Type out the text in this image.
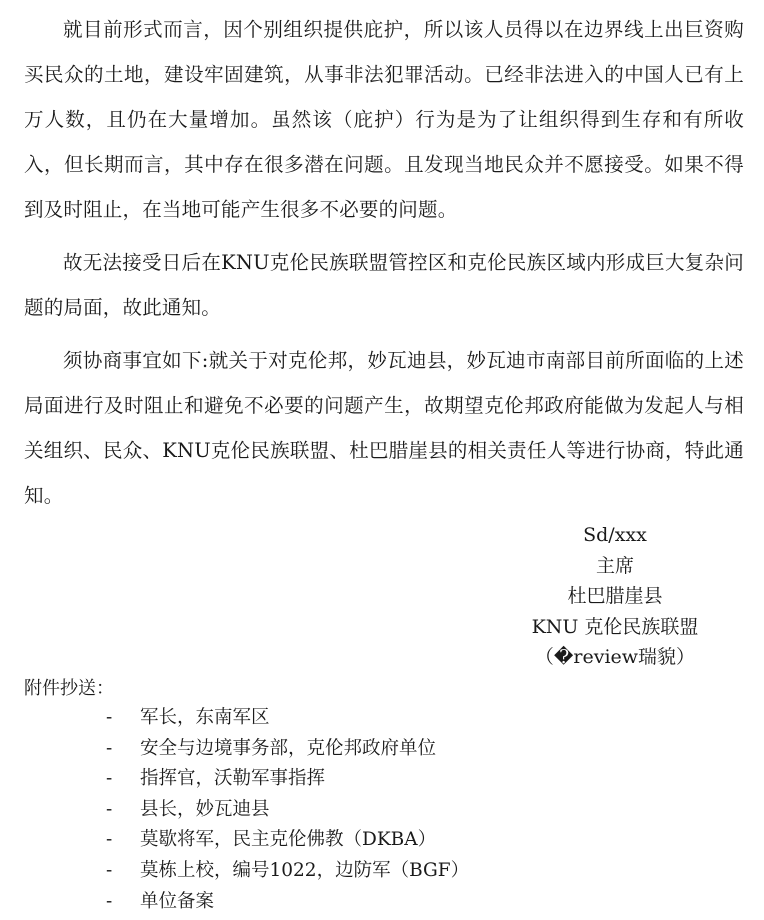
就目前形式而言，因个别组织提供庇护，所以该人员得以在边界线上出巨资购买民众的土地，建设牢固建筑，从事非法犯罪活动。已经非法进入的中国人已有上万人数，且仍在大量增加。虽然该（庇护）行为是为了让组织得到生存和有所收入，但长期而言，其中存在很多潜在问题。且发现当地民众并不愿接受。如果不得到及时阻止，在当地可能产生很多不必要的问题。

故无法接受日后在KNU克伦民族联盟管控区和克伦民族区域内形成巨大复杂问题的局面，故此通知。

须协商事宜如下:就关于对克伦邦，妙瓦迪县，妙瓦迪市南部目前所面临的上述局面进行及时阻止和避免不必要的问题产生，故期望克伦邦政府能做为发起人与相关组织、民众、KNU克伦民族联盟、杜巴腊崖县的相关责任人等进行协商，特此通知。

Sd/xxx
主席
杜巴腊崖县
KNU 克伦民族联盟
（�review瑞貌）
附件抄送：
-	军长，东南军区
-	安全与边境事务部，克伦邦政府单位
-	指挥官，沃勒军事指挥
-	县长，妙瓦迪县
-	莫歇将军，民主克伦佛教（DKBA）
-	莫栋上校，编号1022，边防军（BGF）
-	单位备案
